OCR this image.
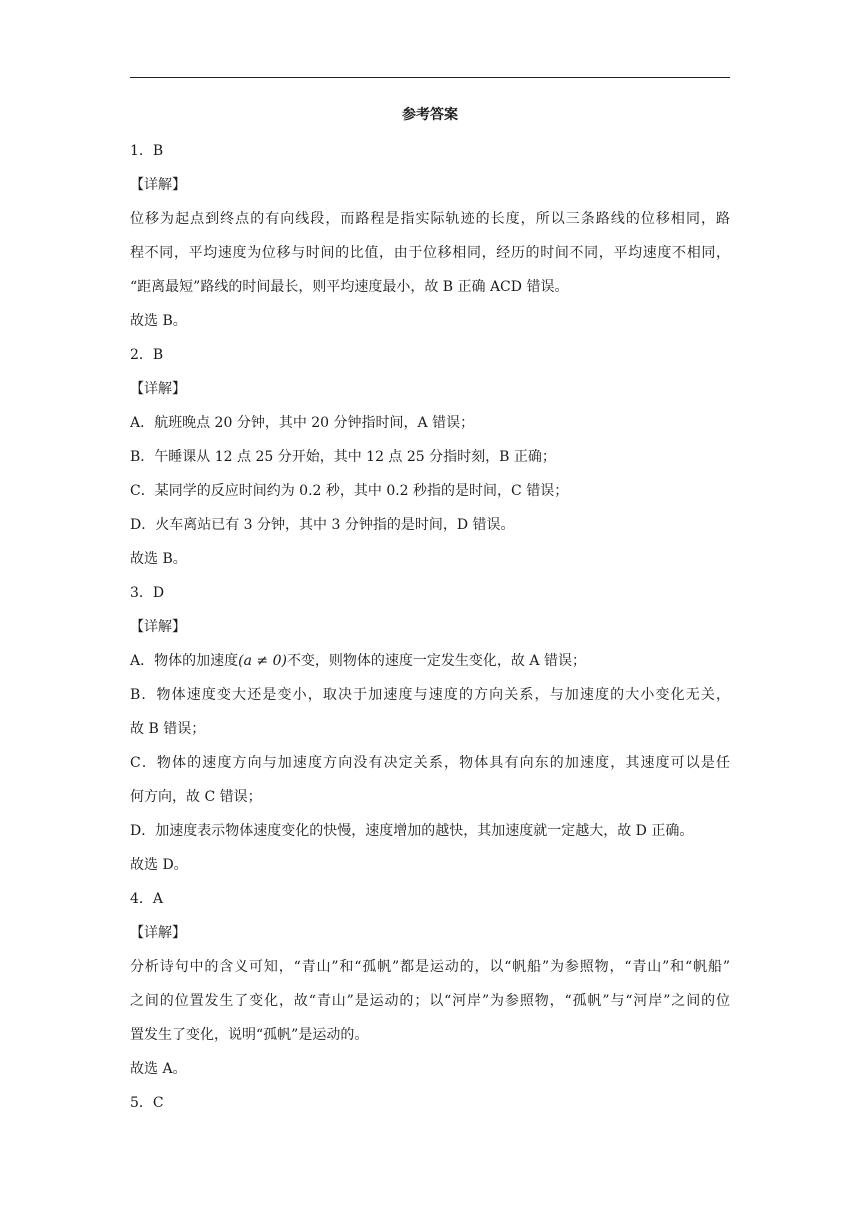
参考答案
1．B
【详解】
位移为起点到终点的有向线段，而路程是指实际轨迹的长度，所以三条路线的位移相同，路
程不同，平均速度为位移与时间的比值，由于位移相同，经历的时间不同，平均速度不相同，
“距离最短”路线的时间最长，则平均速度最小，故 B 正确 ACD 错误。
故选 B。
2．B
【详解】
A．航班晚点 20 分钟，其中 20 分钟指时间，A 错误；
B．午睡课从 12 点 25 分开始，其中 12 点 25 分指时刻，B 正确；
C．某同学的反应时间约为 0.2 秒，其中 0.2 秒指的是时间，C 错误；
D．火车离站已有 3 分钟，其中 3 分钟指的是时间，D 错误。
故选 B。
3．D
【详解】
A．物体的加速度(a ≠ 0)不变，则物体的速度一定发生变化，故 A 错误；
B．物体速度变大还是变小，取决于加速度与速度的方向关系，与加速度的大小变化无关，
故 B 错误；
C．物体的速度方向与加速度方向没有决定关系，物体具有向东的加速度，其速度可以是任
何方向，故 C 错误；
D．加速度表示物体速度变化的快慢，速度增加的越快，其加速度就一定越大，故 D 正确。
故选 D。
4．A
【详解】
分析诗句中的含义可知，“青山”和“孤帆”都是运动的，以“帆船”为参照物，“青山”和“帆船”
之间的位置发生了变化，故“青山”是运动的；以“河岸”为参照物，“孤帆”与“河岸”之间的位
置发生了变化，说明“孤帆”是运动的。
故选 A。
5．C
